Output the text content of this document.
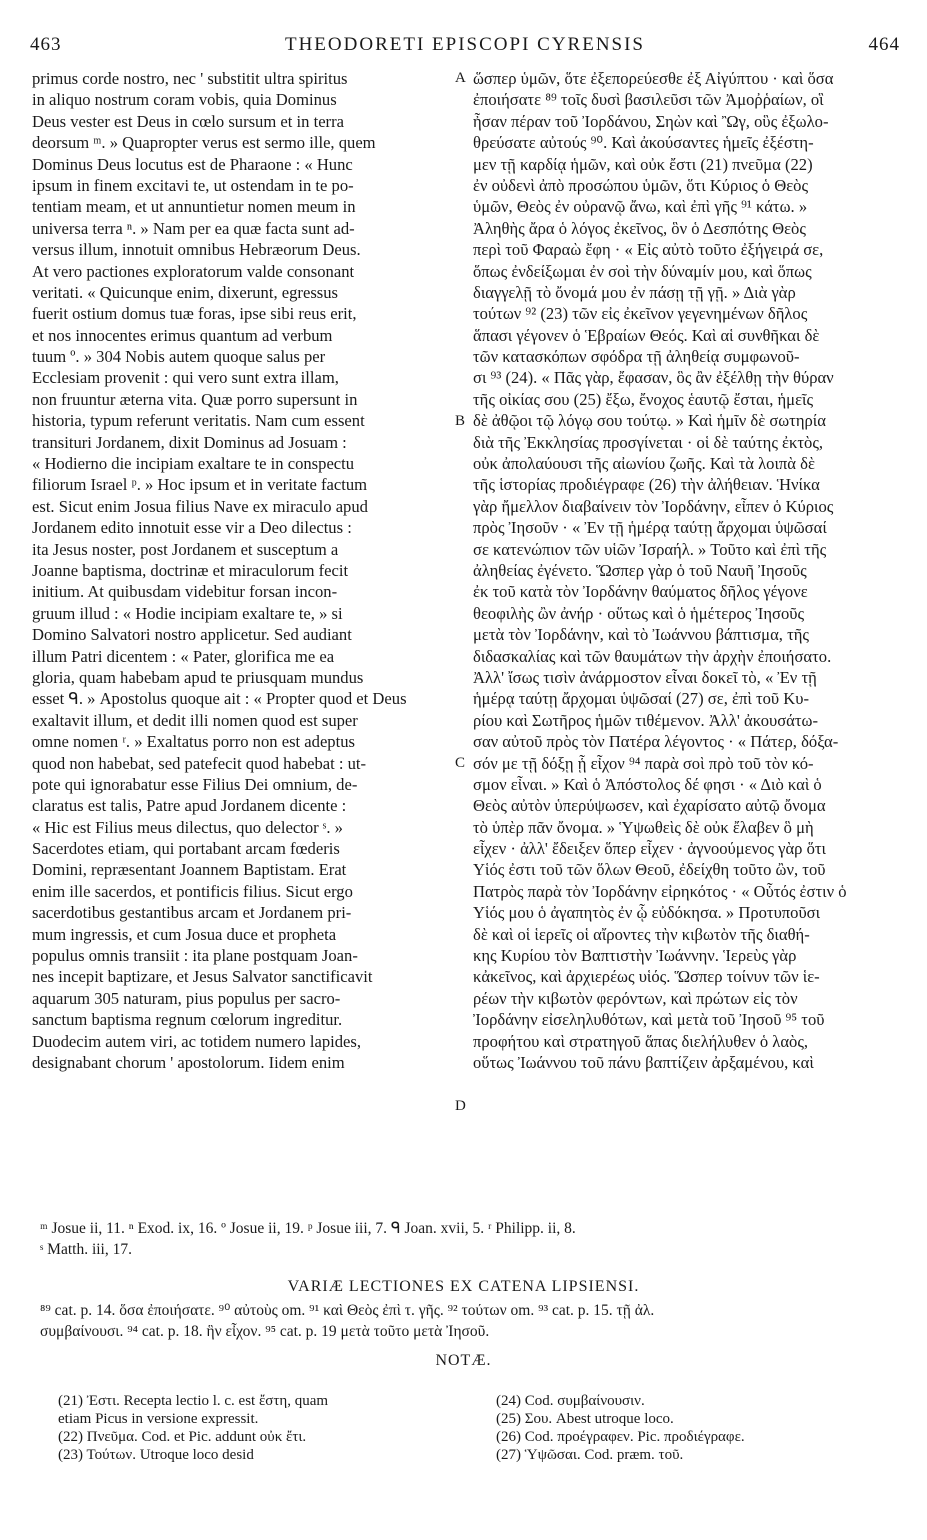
THEODORETI EPISCOPI CYRENSIS
463	464
primus corde nostro, nec ' substitit ultra spiritus
in aliquo nostrum coram vobis, quia Dominus
Deus vester est Deus in cœlo sursum et in terra
deorsum ᵐ. » Quapropter verus est sermo ille, quem
Dominus Deus locutus est de Pharaone : « Hunc
ipsum in finem excitavi te, ut ostendam in te po-
tentiam meam, et ut annuntietur nomen meum in
universa terra ⁿ. » Nam per ea quæ facta sunt ad-
versus illum, innotuit omnibus Hebræorum Deus.
At vero pactiones exploratorum valde consonant
veritati. « Quicunque enim, dixerunt, egressus
fuerit ostium domus tuæ foras, ipse sibi reus erit,
et nos innocentes erimus quantum ad verbum
tuum º. » 304 Nobis autem quoque salus per
Ecclesiam provenit : qui vero sunt extra illam,
non fruuntur æterna vita. Quæ porro supersunt in
historia, typum referunt veritatis. Nam cum essent
transituri Jordanem, dixit Dominus ad Josuam :
« Hodierno die incipiam exaltare te in conspectu
filiorum Israel ᵖ. » Hoc ipsum et in veritate factum
est. Sicut enim Josua filius Nave ex miraculo apud
Jordanem edito innotuit esse vir a Deo dilectus :
ita Jesus noster, post Jordanem et susceptum a
Joanne baptisma, doctrinæ et miraculorum fecit
initium. At quibusdam videbitur forsan incon-
gruum illud : « Hodie incipiam exaltare te, » si
Domino Salvatori nostro applicetur. Sed audiant
illum Patri dicentem : « Pater, glorifica me ea
gloria, quam habebam apud te priusquam mundus
esset ᑫ. » Apostolus quoque ait : « Propter quod et Deus
exaltavit illum, et dedit illi nomen quod est super
omne nomen ʳ. » Exaltatus porro non est adeptus
quod non habebat, sed patefecit quod habebat : ut-
pote qui ignorabatur esse Filius Dei omnium, de-
claratus est talis, Patre apud Jordanem dicente :
« Hic est Filius meus dilectus, quo delector ˢ. »
Sacerdotes etiam, qui portabant arcam fœderis
Domini, repræsentant Joannem Baptistam. Erat
enim ille sacerdos, et pontificis filius. Sicut ergo
sacerdotibus gestantibus arcam et Jordanem pri-
mum ingressis, et cum Josua duce et propheta
populus omnis transiit : ita plane postquam Joan-
nes incepit baptizare, et Jesus Salvator sanctificavit
aquarum 305 naturam, pius populus per sacro-
sanctum baptisma regnum cœlorum ingreditur.
Duodecim autem viri, ac totidem numero lapides,
designabant chorum ' apostolorum. Iidem enim
ὥσπερ ὑμῶν, ὅτε ἐξεπορεύεσθε ἐξ Αἰγύπτου · καὶ ὅσα
ἐποιήσατε ⁸⁹ τοῖς δυσὶ βασιλεῦσι τῶν Ἀμοῤῥαίων, οἳ
ἦσαν πέραν τοῦ Ἰορδάνου, Σηὼν καὶ Ὢγ, οὓς ἐξωλο-
θρεύσατε αὐτούς ⁹⁰. Καὶ ἀκούσαντες ἡμεῖς ἐξέστη-
μεν τῇ καρδίᾳ ἡμῶν, καὶ οὐκ ἔστι (21) πνεῦμα (22)
ἐν οὐδενὶ ἀπὸ προσώπου ὑμῶν, ὅτι Κύριος ὁ Θεὸς
ὑμῶν, Θεὸς ἐν οὐρανῷ ἄνω, καὶ ἐπὶ γῆς ⁹¹ κάτω. »
Ἀληθὴς ἄρα ὁ λόγος ἐκεῖνος, ὃν ὁ Δεσπότης Θεὸς
περὶ τοῦ Φαραὼ ἔφη · « Εἰς αὐτὸ τοῦτο ἐξήγειρά σε,
ὅπως ἐνδείξωμαι ἐν σοὶ τὴν δύναμίν μου, καὶ ὅπως
διαγγελῇ τὸ ὄνομά μου ἐν πάσῃ τῇ γῇ. » Διὰ γὰρ
τούτων ⁹² (23) τῶν εἰς ἐκεῖνον γεγενημένων δῆλος
ἅπασι γέγονεν ὁ Ἑβραίων Θεός. Καὶ αἱ συνθῆκαι δὲ
τῶν κατασκόπων σφόδρα τῇ ἀληθείᾳ συμφωνοῦ-
σι ⁹³ (24). « Πᾶς γὰρ, ἔφασαν, ὃς ἂν ἐξέλθῃ τὴν θύραν
τῆς οἰκίας σου (25) ἔξω, ἔνοχος ἑαυτῷ ἔσται, ἡμεῖς
δὲ ἀθῷοι τῷ λόγῳ σου τούτῳ. » Καὶ ἡμῖν δὲ σωτηρία
διὰ τῆς Ἐκκλησίας προσγίνεται · οἱ δὲ ταύτης ἐκτὸς,
οὐκ ἀπολαύουσι τῆς αἰωνίου ζωῆς. Καὶ τὰ λοιπὰ δὲ
τῆς ἱστορίας προδιέγραφε (26) τὴν ἀλήθειαν. Ἡνίκα
γὰρ ἤμελλον διαβαίνειν τὸν Ἰορδάνην, εἶπεν ὁ Κύριος
πρὸς Ἰησοῦν · « Ἐν τῇ ἡμέρᾳ ταύτῃ ἄρχομαι ὑψῶσαί
σε κατενώπιον τῶν υἱῶν Ἰσραήλ. » Τοῦτο καὶ ἐπὶ τῆς
ἀληθείας ἐγένετο. Ὥσπερ γὰρ ὁ τοῦ Ναυῆ Ἰησοῦς
ἐκ τοῦ κατὰ τὸν Ἰορδάνην θαύματος δῆλος γέγονε
θεοφιλὴς ὢν ἀνήρ · οὕτως καὶ ὁ ἡμέτερος Ἰησοῦς
μετὰ τὸν Ἰορδάνην, καὶ τὸ Ἰωάννου βάπτισμα, τῆς
διδασκαλίας καὶ τῶν θαυμάτων τὴν ἀρχὴν ἐποιήσατο.
Ἀλλ' ἴσως τισὶν ἀνάρμοστον εἶναι δοκεῖ τὸ, « Ἐν τῇ
ἡμέρᾳ ταύτῃ ἄρχομαι ὑψῶσαί (27) σε, ἐπὶ τοῦ Κυ-
ρίου καὶ Σωτῆρος ἡμῶν τιθέμενον. Ἀλλ' ἀκουσάτω-
σαν αὐτοῦ πρὸς τὸν Πατέρα λέγοντος · « Πάτερ, δόξα-
σόν με τῇ δόξῃ ᾗ εἶχον ⁹⁴ παρὰ σοὶ πρὸ τοῦ τὸν κό-
σμον εἶναι. » Καὶ ὁ Ἀπόστολος δέ φησι · « Διὸ καὶ ὁ
Θεὸς αὐτὸν ὑπερύψωσεν, καὶ ἐχαρίσατο αὐτῷ ὄνομα
τὸ ὑπὲρ πᾶν ὄνομα. » Ὑψωθεὶς δὲ οὐκ ἔλαβεν ὃ μὴ
εἶχεν · ἀλλ' ἔδειξεν ὅπερ εἶχεν · ἀγνοούμενος γὰρ ὅτι
Υἱός ἐστι τοῦ τῶν ὅλων Θεοῦ, ἐδείχθη τοῦτο ὢν, τοῦ
Πατρὸς παρὰ τὸν Ἰορδάνην εἰρηκότος · « Οὗτός ἐστιν ὁ
Υἱός μου ὁ ἀγαπητὸς ἐν ᾧ εὐδόκησα. » Προτυποῦσι
δὲ καὶ οἱ ἱερεῖς οἱ αἴροντες τὴν κιβωτὸν τῆς διαθή-
κης Κυρίου τὸν Βαπτιστὴν Ἰωάννην. Ἱερεὺς γὰρ
κἀκεῖνος, καὶ ἀρχιερέως υἱός. Ὥσπερ τοίνυν τῶν ἱε-
ρέων τὴν κιβωτὸν φερόντων, καὶ πρώτων εἰς τὸν
Ἰορδάνην εἰσεληλυθότων, καὶ μετὰ τοῦ Ἰησοῦ ⁹⁵ τοῦ
προφήτου καὶ στρατηγοῦ ἅπας διελήλυθεν ὁ λαὸς,
οὕτως Ἰωάννου τοῦ πάνυ βαπτίζειν ἀρξαμένου, καὶ
A
B
C
D
ᵐ Josue ii, 11. ⁿ Exod. ix, 16. º Josue ii, 19. ᵖ Josue iii, 7. ᑫ Joan. xvii, 5. ʳ Philipp. ii, 8.
ˢ Matth. iii, 17.
VARIÆ LECTIONES EX CATENA LIPSIENSI.
⁸⁹ cat. p. 14. ὅσα ἐποιήσατε. ⁹⁰ αὐτοὺς om. ⁹¹ καὶ Θεὸς ἐπὶ τ. γῆς. ⁹² τούτων om. ⁹³ cat. p. 15. τῇ ἀλ.
συμβαίνουσι. ⁹⁴ cat. p. 18. ἣν εἶχον. ⁹⁵ cat. p. 19 μετὰ τοῦτο μετὰ Ἰησοῦ.
NOTÆ.
(21) Ἐστι. Recepta lectio l. c. est ἔστη, quam
etiam Picus in versione expressit.
(22) Πνεῦμα. Cod. et Pic. addunt οὐκ ἔτι.
(23) Τούτων. Utroque loco desid
(24) Cod. συμβαίνουσιν.
(25) Σου. Abest utroque loco.
(26) Cod. προέγραφεν. Pic. προδιέγραφε.
(27) Ὑψῶσαι. Cod. præm. τοῦ.
